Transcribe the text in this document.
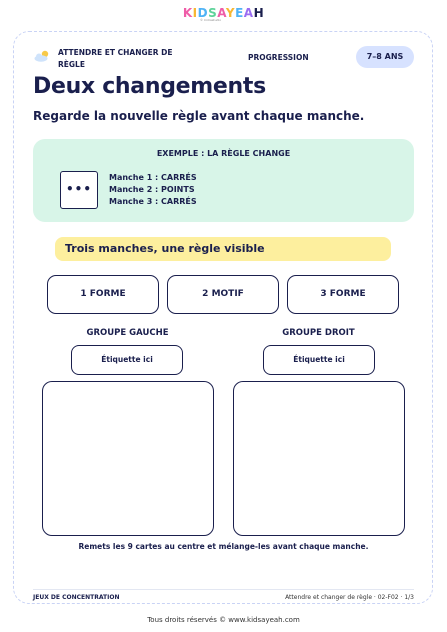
KIDSAYEAH
© Cidrastudio
ATTENDRE ET CHANGER DE RÈGLE
PROGRESSION	7–8 ANS
Deux changements
Regarde la nouvelle règle avant chaque manche.
EXEMPLE : LA RÈGLE CHANGE
•••
Manche 1 : CARRÉS
Manche 2 : POINTS
Manche 3 : CARRÉS
Trois manches, une règle visible
1 FORME	2 MOTIF	3 FORME
GROUPE GAUCHE	GROUPE DROIT
Étiquette ici	Étiquette ici
Remets les 9 cartes au centre et mélange-les avant chaque manche.
JEUX DE CONCENTRATION	Attendre et changer de règle · 02-F02 · 1/3
Tous droits réservés © www.kidsayeah.com
